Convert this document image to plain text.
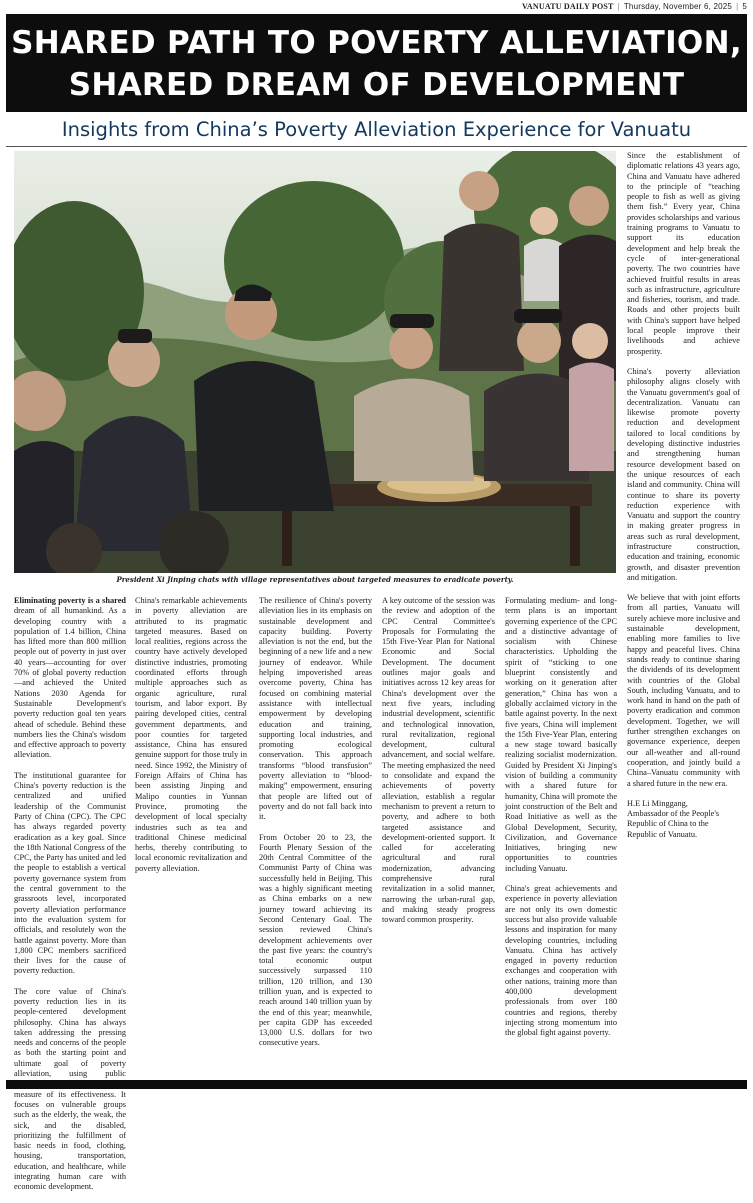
VANUATU DAILY POST | Thursday, November 6, 2025 | 5
SHARED PATH TO POVERTY ALLEVIATION,
SHARED DREAM OF DEVELOPMENT
Insights from China’s Poverty Alleviation Experience for Vanuatu
President Xi Jinping chats with village representatives about targeted measures to eradicate poverty.

Eliminating poverty is a shared dream of all humankind. As a developing country with a population of 1.4 billion, China has lifted more than 800 million people out of poverty in just over 40 years—accounting for over 70% of global poverty reduction—and achieved the United Nations 2030 Agenda for Sustainable Development's poverty reduction goal ten years ahead of schedule. Behind these numbers lies the China's wisdom and effective approach to poverty alleviation.

The institutional guarantee for China's poverty reduction is the centralized and unified leadership of the Communist Party of China (CPC). The CPC has always regarded poverty eradication as a key goal. Since the 18th National Congress of the CPC, the Party has united and led the people to establish a vertical poverty governance system from the central government to the grassroots level, incorporated poverty alleviation performance into the evaluation system for officials, and resolutely won the battle against poverty. More than 1,800 CPC members sacrificed their lives for the cause of poverty reduction.

The core value of China's poverty reduction lies in its people-centered development philosophy. China has always taken addressing the pressing needs and concerns of the people as both the starting point and ultimate goal of poverty alleviation, using public measure of its effectiveness. It focuses on vulnerable groups such as the elderly, the weak, the sick, and the disabled, prioritizing the fulfillment of basic needs in food, clothing, housing, transportation, education, and healthcare, while integrating human care with economic development.

China's remarkable achievements in poverty alleviation are attributed to its pragmatic targeted measures. Based on local realities, regions across the country have actively developed distinctive industries, promoting coordinated efforts through multiple approaches such as organic agriculture, rural tourism, and labor export. By pairing developed cities, central government departments, and poor counties for targeted assistance, China has ensured genuine support for those truly in need. Since 1992, the Ministry of Foreign Affairs of China has been assisting Jinping and Malipo counties in Yunnan Province, promoting the development of local specialty industries such as tea and traditional Chinese medicinal herbs, thereby contributing to local economic revitalization and poverty alleviation.

The resilience of China's poverty alleviation lies in its emphasis on sustainable development and capacity building. Poverty alleviation is not the end, but the beginning of a new life and a new journey of endeavor. While helping impoverished areas overcome poverty, China has focused on combining material assistance with intellectual empowerment by developing education and training, supporting local industries, and promoting ecological conservation. This approach transforms “blood transfusion” poverty alleviation to “blood-making” empowerment, ensuring that people are lifted out of poverty and do not fall back into it.

From October 20 to 23, the Fourth Plenary Session of the 20th Central Committee of the Communist Party of China was successfully held in Beijing. This was a highly significant meeting as China embarks on a new journey toward achieving its Second Centenary Goal. The session reviewed China's development achievements over the past five years: the country's total economic output successively surpassed 110 trillion, 120 trillion, and 130 trillion yuan, and is expected to reach around 140 trillion yuan by the end of this year; meanwhile, per capita GDP has exceeded 13,000 U.S. dollars for two consecutive years.

A key outcome of the session was the review and adoption of the CPC Central Committee's Proposals for Formulating the 15th Five-Year Plan for National Economic and Social Development. The document outlines major goals and initiatives across 12 key areas for China's development over the next five years, including industrial development, scientific and technological innovation, rural revitalization, regional development, cultural advancement, and social welfare. The meeting emphasized the need to consolidate and expand the achievements of poverty alleviation, establish a regular mechanism to prevent a return to poverty, and adhere to both targeted assistance and development-oriented support. It called for accelerating agricultural and rural modernization, advancing comprehensive rural revitalization in a solid manner, narrowing the urban-rural gap, and making steady progress toward common prosperity.

Formulating medium- and long-term plans is an important governing experience of the CPC and a distinctive advantage of socialism with Chinese characteristics. Upholding the spirit of “sticking to one blueprint consistently and working on it generation after generation,” China has won a globally acclaimed victory in the battle against poverty. In the next five years, China will implement the 15th Five-Year Plan, entering a new stage toward basically realizing socialist modernization. Guided by President Xi Jinping's vision of building a community with a shared future for humanity, China will promote the joint construction of the Belt and Road Initiative as well as the Global Development, Security, Civilization, and Governance Initiatives, bringing new opportunities to countries including Vanuatu.

China's great achievements and experience in poverty alleviation are not only its own domestic success but also provide valuable lessons and inspiration for many developing countries, including Vanuatu. China has actively engaged in poverty reduction exchanges and cooperation with other nations, training more than 400,000 development professionals from over 180 countries and regions, thereby injecting strong momentum into the global fight against poverty.

Since the establishment of diplomatic relations 43 years ago, China and Vanuatu have adhered to the principle of “teaching people to fish as well as giving them fish.” Every year, China provides scholarships and various training programs to Vanuatu to support its education development and help break the cycle of inter-generational poverty. The two countries have achieved fruitful results in areas such as infrastructure, agriculture and fisheries, tourism, and trade. Roads and other projects built with China's support have helped local people improve their livelihoods and achieve prosperity.

China's poverty alleviation philosophy aligns closely with the Vanuatu government's goal of decentralization. Vanuatu can likewise promote poverty reduction and development tailored to local conditions by developing distinctive industries and strengthening human resource development based on the unique resources of each island and community. China will continue to share its poverty reduction experience with Vanuatu and support the country in making greater progress in areas such as rural development, infrastructure construction, education and training, economic growth, and disaster prevention and mitigation.

We believe that with joint efforts from all parties, Vanuatu will surely achieve more inclusive and sustainable development, enabling more families to live happy and peaceful lives. China stands ready to continue sharing the dividends of its development with countries of the Global South, including Vanuatu, and to work hand in hand on the path of poverty eradication and common development. Together, we will further strengthen exchanges on governance experience, deepen our all-weather and all-round cooperation, and jointly build a China–Vanuatu community with a shared future in the new era.

H.E Li Minggang,

Ambassador of the People's Republic of China to the Republic of Vanuatu.
